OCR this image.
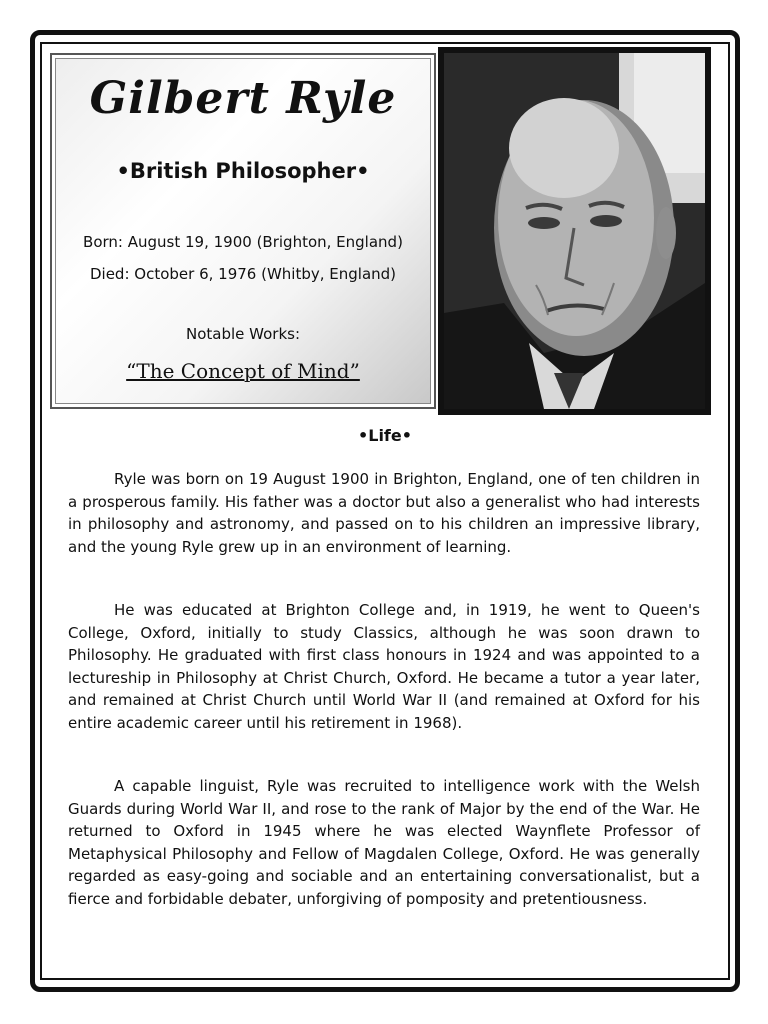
Gilbert Ryle
•British Philosopher•
Born: August 19, 1900 (Brighton, England)
Died: October 6, 1976 (Whitby, England)
Notable Works:
“The Concept of Mind”
•Life•

Ryle was born on 19 August 1900 in Brighton, England, one of ten children in a prosperous family. His father was a doctor but also a generalist who had interests in philosophy and astronomy, and passed on to his children an impressive library, and the young Ryle grew up in an environment of learning.

He was educated at Brighton College and, in 1919, he went to Queen's College, Oxford, initially to study Classics, although he was soon drawn to Philosophy. He graduated with first class honours in 1924 and was appointed to a lectureship in Philosophy at Christ Church, Oxford. He became a tutor a year later, and remained at Christ Church until World War II (and remained at Oxford for his entire academic career until his retirement in 1968).

A capable linguist, Ryle was recruited to intelligence work with the Welsh Guards during World War II, and rose to the rank of Major by the end of the War. He returned to Oxford in 1945 where he was elected Waynflete Professor of Metaphysical Philosophy and Fellow of Magdalen College, Oxford. He was generally regarded as easy-going and sociable and an entertaining conversationalist, but a fierce and forbidable debater, unforgiving of pomposity and pretentiousness.
